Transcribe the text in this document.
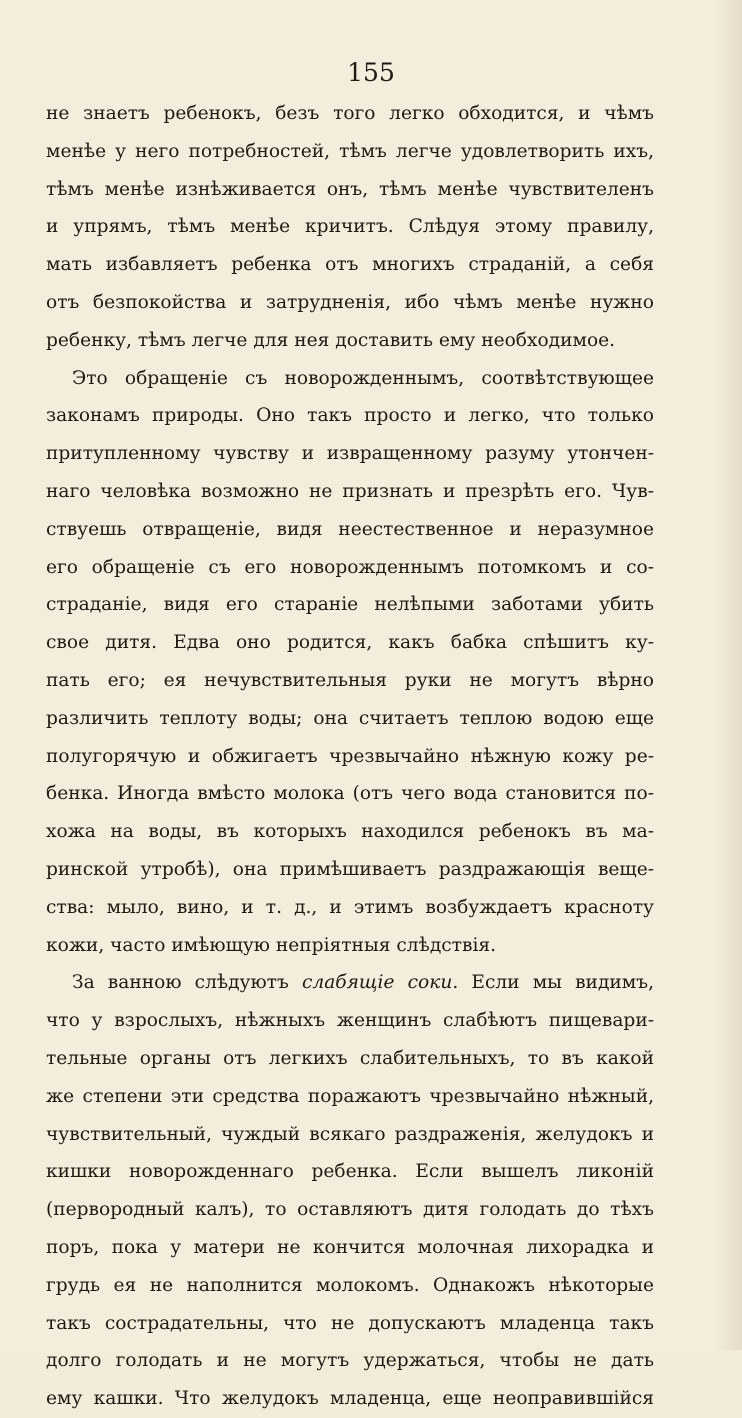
155
не знаетъ ребенокъ, безъ того легко обходится, и чѣмъ
менѣе у него потребностей, тѣмъ легче удовлетворить ихъ,
тѣмъ менѣе изнѣживается онъ, тѣмъ менѣе чувствителенъ
и упрямъ, тѣмъ менѣе кричитъ. Слѣдуя этому правилу,
мать избавляетъ ребенка отъ многихъ страданій, а себя
отъ безпокойства и затрудненія, ибо чѣмъ менѣе нужно
ребенку, тѣмъ легче для нея доставить ему необходимое.
Это обращеніе съ новорожденнымъ, соотвѣтствующее
законамъ природы. Оно такъ просто и легко, что только
притупленному чувству и извращенному разуму утончен-
наго человѣка возможно не признать и презрѣть его. Чув-
ствуешь отвращеніе, видя неестественное и неразумное
его обращеніе съ его новорожденнымъ потомкомъ и со-
страданіе, видя его стараніе нелѣпыми заботами убить
свое дитя. Едва оно родится, какъ бабка спѣшитъ ку-
пать его; ея нечувствительныя руки не могутъ вѣрно
различить теплоту воды; она считаетъ теплою водою еще
полугорячую и обжигаетъ чрезвычайно нѣжную кожу ре-
бенка. Иногда вмѣсто молока (отъ чего вода становится по-
хожа на воды, въ которыхъ находился ребенокъ въ ма-
ринской утробѣ), она примѣшиваетъ раздражающія веще-
ства: мыло, вино, и т. д., и этимъ возбуждаетъ красноту
кожи, часто имѣющую непріятныя слѣдствія.
За ванною слѣдуютъ слабящіе соки. Если мы видимъ,
что у взрослыхъ, нѣжныхъ женщинъ слабѣютъ пищевари-
тельные органы отъ легкихъ слабительныхъ, то въ какой
же степени эти средства поражаютъ чрезвычайно нѣжный,
чувствительный, чуждый всякаго раздраженія, желудокъ и
кишки новорожденнаго ребенка. Если вышелъ ликоній
(первородный калъ), то оставляютъ дитя голодать до тѣхъ
поръ, пока у матери не кончится молочная лихорадка и
грудь ея не наполнится молокомъ. Однакожъ нѣкоторые
такъ сострадательны, что не допускаютъ младенца такъ
долго голодать и не могутъ удержаться, чтобы не дать
ему кашки. Что желудокъ младенца, еще неоправившійся
